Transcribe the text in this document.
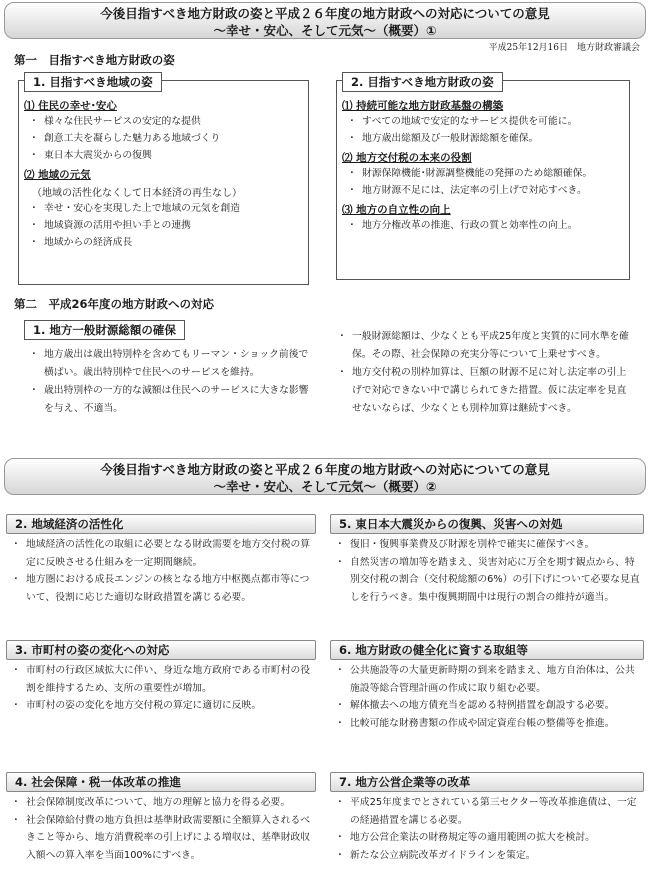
今後目指すべき地方財政の姿と平成２６年度の地方財政への対応についての意見
〜幸せ・安心、そして元気〜（概要）①
平成25年12月16日　地方財政審議会
第一　目指すべき地方財政の姿
1. 目指すべき地域の姿
⑴ 住民の幸せ･安心
・ 様々な住民サービスの安定的な提供
・ 創意工夫を凝らした魅力ある地域づくり
・ 東日本大震災からの復興
⑵ 地域の元気
（地域の活性化なくして日本経済の再生なし）
・ 幸せ・安心を実現した上で地域の元気を創造
・ 地域資源の活用や担い手との連携
・ 地域からの経済成長
2. 目指すべき地方財政の姿
⑴ 持続可能な地方財政基盤の構築
・ すべての地域で安定的なサービス提供を可能に。
・ 地方歳出総額及び一般財源総額を確保。
⑵ 地方交付税の本来の役割
・ 財源保障機能･財源調整機能の発揮のため総額確保。
・ 地方財源不足には、法定率の引上げで対応すべき。
⑶ 地方の自立性の向上
・ 地方分権改革の推進、行政の質と効率性の向上。
第二　平成26年度の地方財政への対応
1. 地方一般財源総額の確保
・ 地方歳出は歳出特別枠を含めてもリーマン・ショック前後で横ばい。歳出特別枠で住民へのサービスを維持。
・ 歳出特別枠の一方的な減額は住民へのサービスに大きな影響を与え、不適当。
・ 一般財源総額は、少なくとも平成25年度と実質的に同水準を確保。その際、社会保障の充実分等について上乗せすべき。
・ 地方交付税の別枠加算は、巨額の財源不足に対し法定率の引上げで対応できない中で講じられてきた措置。仮に法定率を見直せないならば、少なくとも別枠加算は継続すべき。
今後目指すべき地方財政の姿と平成２６年度の地方財政への対応についての意見
〜幸せ・安心、そして元気〜（概要）②
2. 地域経済の活性化
・ 地域経済の活性化の取組に必要となる財政需要を地方交付税の算定に反映させる仕組みを一定期間継続。
・ 地方圏における成長エンジンの核となる地方中枢拠点都市等について、役割に応じた適切な財政措置を講じる必要。
3. 市町村の姿の変化への対応
・ 市町村の行政区域拡大に伴い、身近な地方政府である市町村の役割を維持するため、支所の重要性が増加。
・ 市町村の姿の変化を地方交付税の算定に適切に反映。
4. 社会保障・税一体改革の推進
・ 社会保障制度改革について、地方の理解と協力を得る必要。
・ 社会保障給付費の地方負担は基準財政需要額に全額算入されるべきこと等から、地方消費税率の引上げによる増収は、基準財政収入額への算入率を当面100%にすべき。
5. 東日本大震災からの復興、災害への対処
・ 復旧・復興事業費及び財源を別枠で確実に確保すべき。
・ 自然災害の増加等を踏まえ、災害対応に万全を期す観点から、特別交付税の割合（交付税総額の6%）の引下げについて必要な見直しを行うべき。集中復興期間中は現行の割合の維持が適当。
6. 地方財政の健全化に資する取組等
・ 公共施設等の大量更新時期の到来を踏まえ、地方自治体は、公共施設等総合管理計画の作成に取り組む必要。
・ 解体撤去への地方債充当を認める特例措置を創設する必要。
・ 比較可能な財務書類の作成や固定資産台帳の整備等を推進。
7. 地方公営企業等の改革
・ 平成25年度までとされている第三セクター等改革推進債は、一定の経過措置を講じる必要。
・ 地方公営企業法の財務規定等の適用範囲の拡大を検討。
・ 新たな公立病院改革ガイドラインを策定。
